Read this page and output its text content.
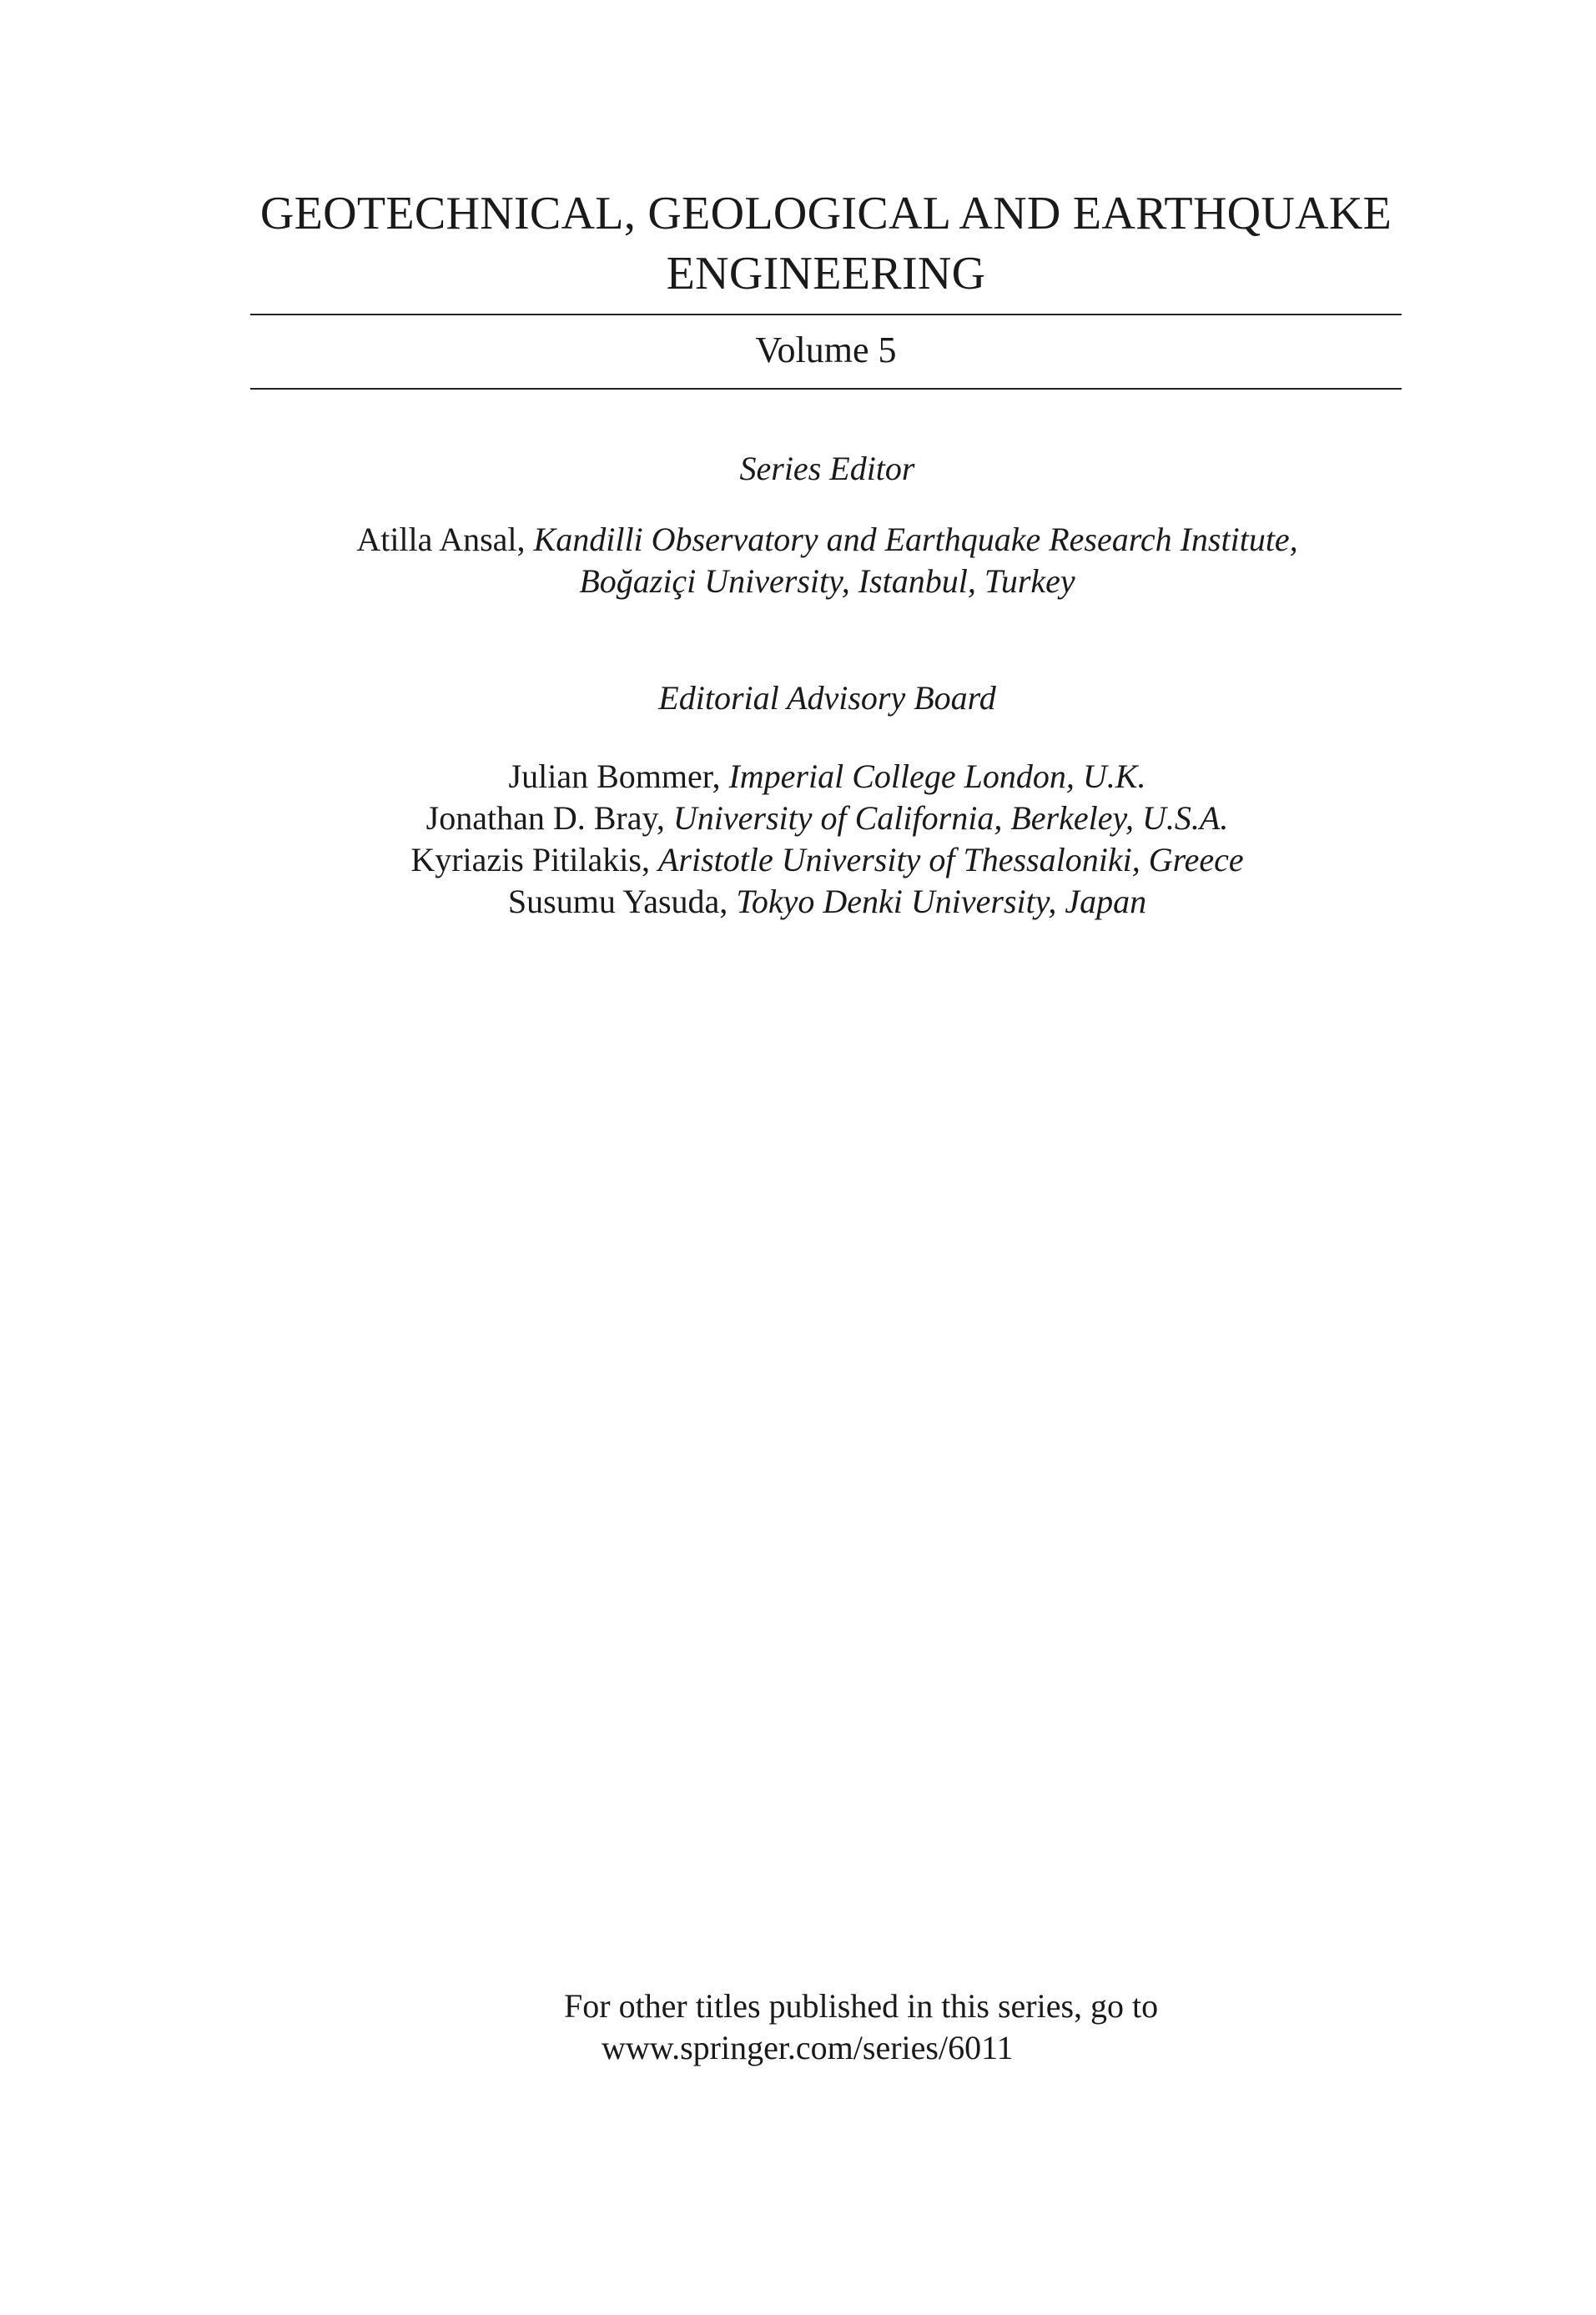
GEOTECHNICAL, GEOLOGICAL AND EARTHQUAKE ENGINEERING
Volume 5
Series Editor
Atilla Ansal, Kandilli Observatory and Earthquake Research Institute,
Boğaziçi University, Istanbul, Turkey
Editorial Advisory Board
Julian Bommer, Imperial College London, U.K.
Jonathan D. Bray, University of California, Berkeley, U.S.A.
Kyriazis Pitilakis, Aristotle University of Thessaloniki, Greece
Susumu Yasuda, Tokyo Denki University, Japan
For other titles published in this series, go to
www.springer.com/series/6011
